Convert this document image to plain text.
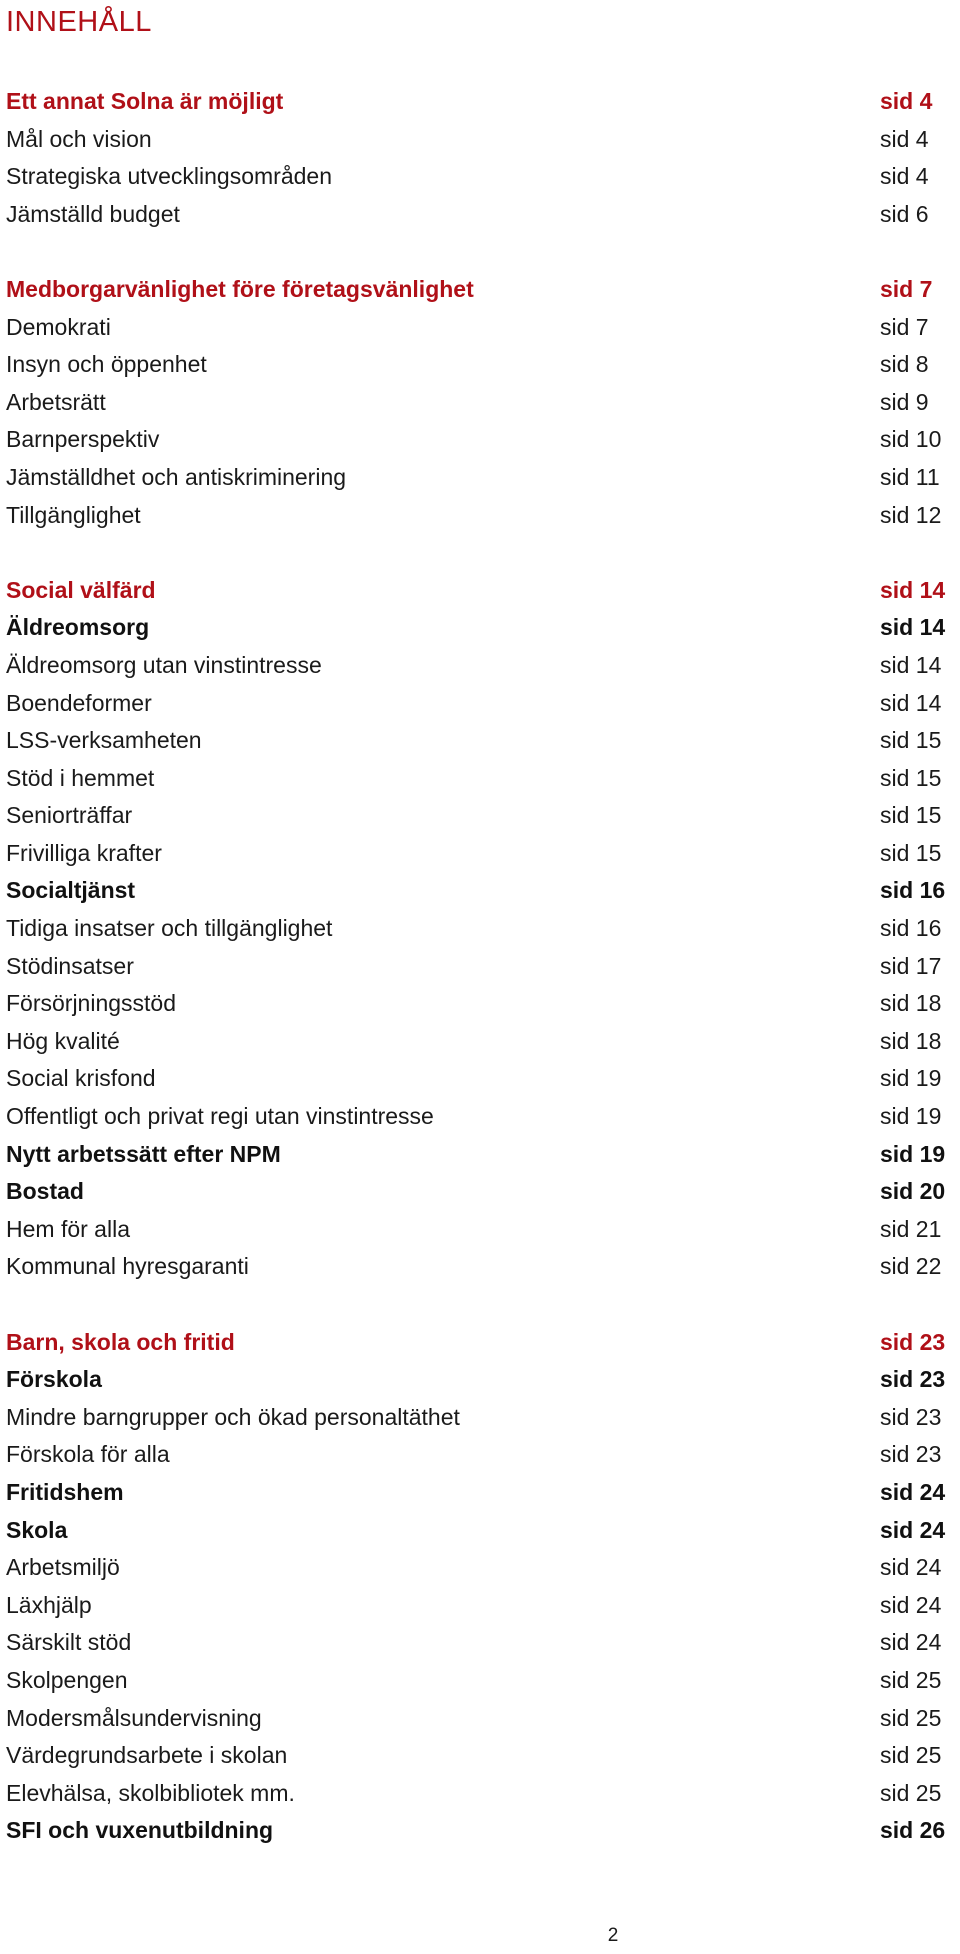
INNEHÅLL
Ett annat Solna är möjligt	sid 4
Mål och vision	sid 4
Strategiska utvecklingsområden	sid 4
Jämställd budget	sid 6
Medborgarvänlighet före företagsvänlighet	sid 7
Demokrati	sid 7
Insyn och öppenhet	sid 8
Arbetsrätt	sid 9
Barnperspektiv	sid 10
Jämställdhet och antiskriminering	sid 11
Tillgänglighet	sid 12
Social välfärd	sid 14
Äldreomsorg	sid 14
Äldreomsorg utan vinstintresse	sid 14
Boendeformer	sid 14
LSS-verksamheten	sid 15
Stöd i hemmet	sid 15
Seniorträffar	sid 15
Frivilliga krafter	sid 15
Socialtjänst	sid 16
Tidiga insatser och tillgänglighet	sid 16
Stödinsatser	sid 17
Försörjningsstöd	sid 18
Hög kvalité	sid 18
Social krisfond	sid 19
Offentligt och privat regi utan vinstintresse	sid 19
Nytt arbetssätt efter NPM	sid 19
Bostad	sid 20
Hem för alla	sid 21
Kommunal hyresgaranti	sid 22
Barn, skola och fritid	sid 23
Förskola	sid 23
Mindre barngrupper och ökad personaltäthet	sid 23
Förskola för alla	sid 23
Fritidshem	sid 24
Skola	sid 24
Arbetsmiljö	sid 24
Läxhjälp	sid 24
Särskilt stöd	sid 24
Skolpengen	sid 25
Modersmålsundervisning	sid 25
Värdegrundsarbete i skolan	sid 25
Elevhälsa, skolbibliotek mm.	sid 25
SFI och vuxenutbildning	sid 26
2
